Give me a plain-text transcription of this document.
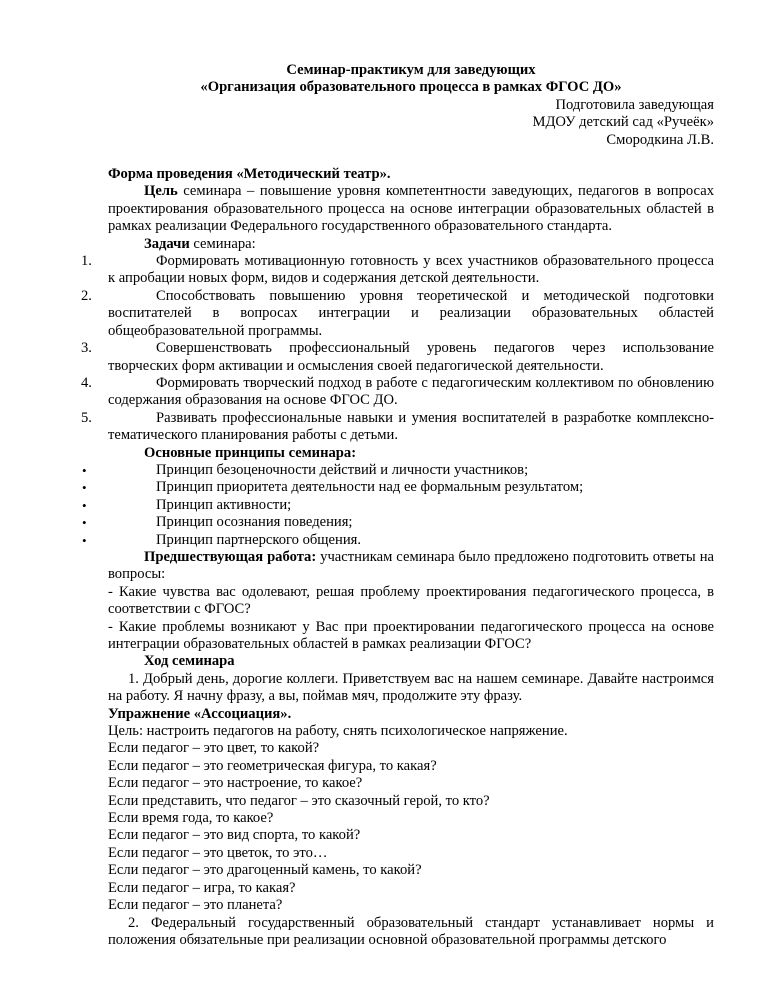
Семинар-практикум для заведующих
«Организация образовательного процесса в рамках ФГОС ДО»
Подготовила заведующая
МДОУ детский сад «Ручеёк»
Смородкина Л.В.
Форма проведения «Методический театр».
Цель семинара – повышение уровня компетентности заведующих, педагогов в вопросах проектирования образовательного процесса на основе интеграции образовательных областей в рамках реализации Федерального государственного образовательного стандарта.
Задачи семинара:
1.	Формировать мотивационную готовность у всех участников образовательного процесса к апробации новых форм, видов и содержания детской деятельности.
2.	Способствовать повышению уровня теоретической и методической подготовки воспитателей в вопросах интеграции и реализации образовательных областей общеобразовательной программы.
3.	Совершенствовать профессиональный уровень педагогов через использование творческих форм активации и осмысления своей педагогической деятельности.
4.	Формировать творческий подход в работе с педагогическим коллективом по обновлению содержания образования на основе ФГОС ДО.
5.	Развивать профессиональные навыки и умения воспитателей в разработке комплексно-тематического планирования работы с детьми.
Основные принципы семинара:
•	Принцип безоценочности действий и личности участников;
•	Принцип приоритета деятельности над ее формальным результатом;
•	Принцип активности;
•	Принцип осознания поведения;
•	Принцип партнерского общения.
Предшествующая работа: участникам семинара было предложено подготовить ответы на вопросы:
- Какие чувства вас одолевают, решая проблему проектирования педагогического процесса, в соответствии с ФГОС?
- Какие проблемы возникают у Вас при проектировании педагогического процесса на основе интеграции образовательных областей в рамках реализации ФГОС?
Ход семинара
1. Добрый день, дорогие коллеги. Приветствуем вас на нашем семинаре. Давайте настроимся на работу. Я начну фразу, а вы, поймав мяч, продолжите эту фразу.
Упражнение «Ассоциация».
Цель: настроить педагогов на работу, снять психологическое напряжение.
Если педагог – это цвет, то какой?
Если педагог – это геометрическая фигура, то какая?
Если педагог – это настроение, то какое?
Если представить, что педагог – это сказочный герой, то кто?
Если время года, то какое?
Если педагог – это вид спорта, то какой?
Если педагог – это цветок, то это…
Если педагог – это драгоценный камень, то какой?
Если педагог – игра, то какая?
Если педагог – это планета?
2. Федеральный государственный образовательный стандарт устанавливает нормы и положения обязательные при реализации основной образовательной программы детского
